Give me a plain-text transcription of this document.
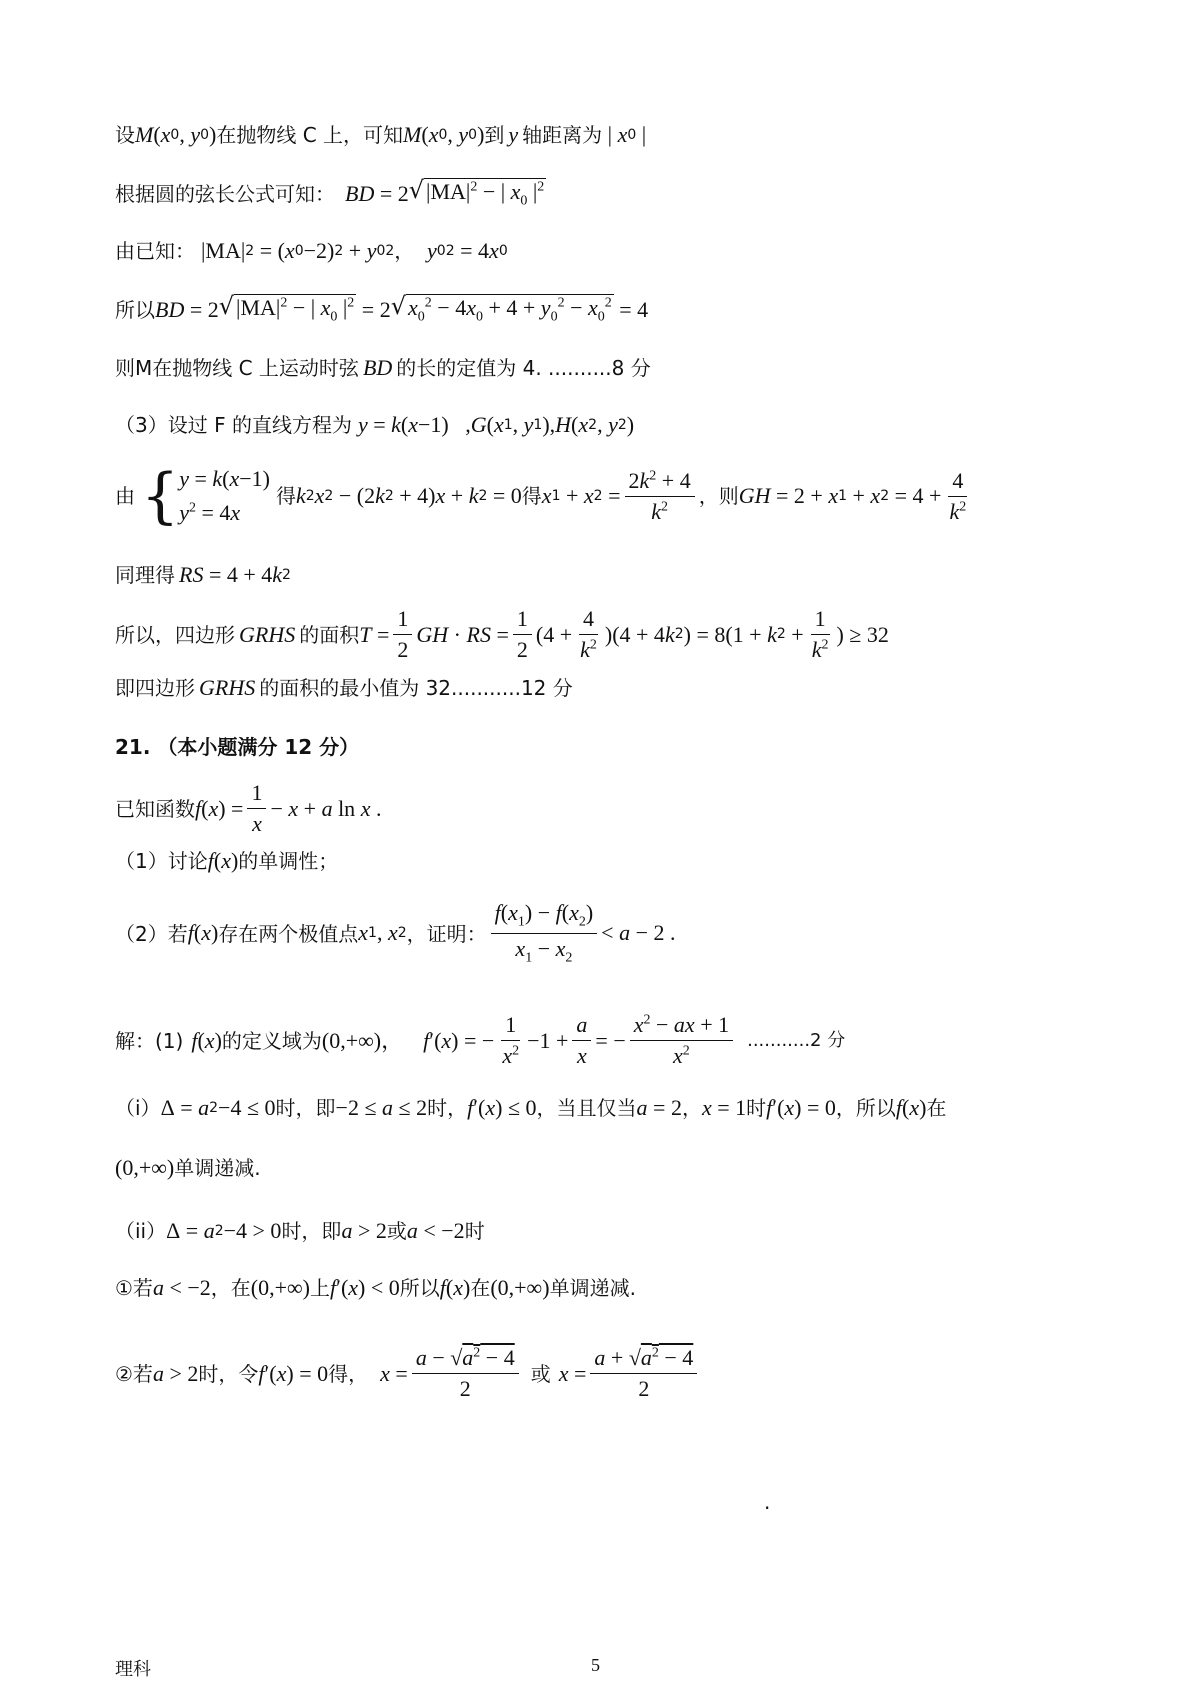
设 M ( x 0 , y 0 ) 在抛物线 C 上，可知 M ( x 0 , y 0 ) 到 y 轴距离为 | x 0 |
根据圆的弦长公式可知： BD = 2 √ $|MA|^2$ − | $x_0$ $|^2$
由已知： |MA| 2 = ( x 0 −2) 2 + y 0 2 ， y 0 2 = 4 x 0
所以 BD = 2 √ $|MA|^2$ − | $x_0$ $|^2 = 2$ √ $x_0^2 - 4x_0 + 4 + y_0^2 - x_0^2 = 4$
则M在抛物线 C 上运动时弦 BD 的长的定值为 4. ..........8 分
（3）设过 F 的直线方程为 y = k ( x −1)   , G ( x 1 , y 1 ), H ( x 2 , y 2 )
由 { y = k(x−1)
$y^2 = 4x$
得 k 2 x 2 − (2 k 2 + 4) x + k 2 = 0 得 x 1 + x $2 = \frac{2k^2 + 4}{k^2}$ ，则 GH = 2 + x 1 + x $2 = 4 + \frac{4}{k^2}$
同理得 RS = 4 + 4 k 2
所以，四边形 GRHS 的面积 $T = \frac{1}{2}$ GH · RS = $\frac{1}{2} (4 + \frac{4}{k^2} )(4 + 4$ k 2 ) = 8(1 + k $2 + \frac{1}{k^2}$ ) ≥ 32
即四边形 GRHS 的面积的最小值为 32...........12 分
21. （本小题满分 12 分）
已知函数 f ( x ) = $\frac{1}{x} - x + a$ ln x .
（1）讨论 f ( x ) 的单调性；
（2）若 f ( x ) 存在两个极值点 x 1 , x 2 ，证明： $\frac{f(x_1) - f(x_2)}{x_1 - x_2} < a - 2$ .
解：(1) f ( x ) 的定义域为 (0,+∞)， f ′( x ) = − $\frac{1}{x^2} -1 + \frac{a}{x}$ = − $\frac{x^2 - ax + 1}{x^2} ...........2$ 分
（i） Δ = a 2 −4 ≤ 0 时，即 −2 ≤ a ≤ 2 时， f ′( x ) ≤ 0 ，当且仅当 a = 2 ， x = 1 时 f ′( x ) = 0 ，所以 f ( x ) 在
(0,+∞) 单调递减.
（ii） Δ = a 2 −4 > 0 时，即 a > 2 或 a < −2 时
①若 a < −2 ，在 (0,+∞) 上 f ′( x ) < 0 所以 f ( x ) 在 (0,+∞) 单调递减.
②若 a > 2 时，令 f ′( x ) = 0 得， $x = \frac{a - √a^2 - 4}{2}$ 或 $x = \frac{a + √a^2 - 4}{2}$
.
理科	5
